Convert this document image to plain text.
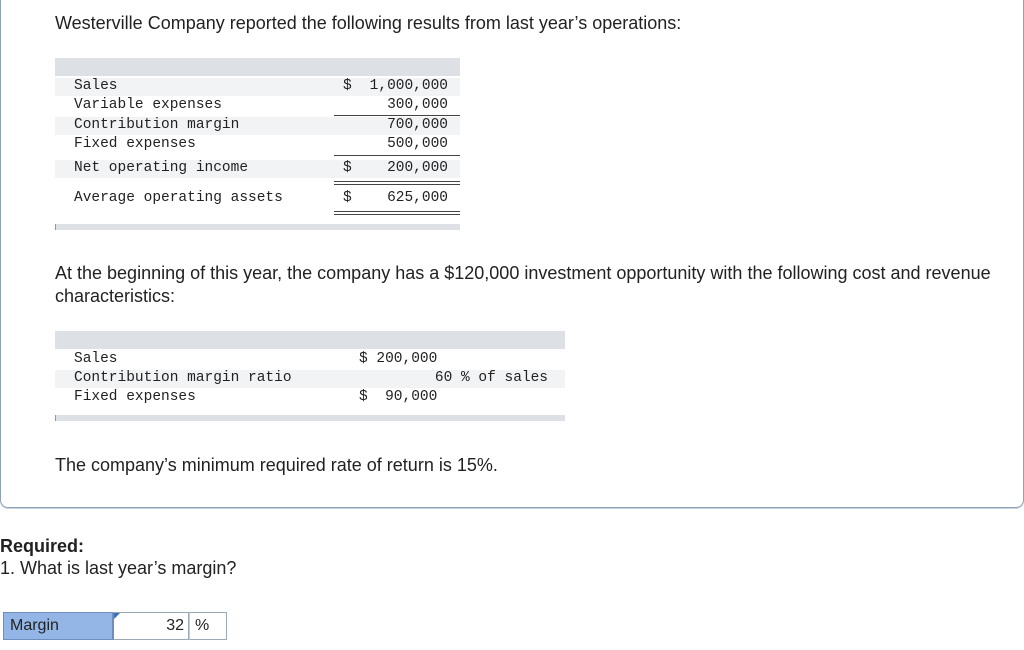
Westerville Company reported the following results from last year’s operations:
Sales	$ 1,000,000
Variable expenses	300,000
Contribution margin	700,000
Fixed expenses	500,000
Net operating income	$ 200,000
Average operating assets	$ 625,000
At the beginning of this year, the company has a $120,000 investment opportunity with the following cost and revenue characteristics:
Sales	$ 200,000
Contribution margin ratio	60 % of sales
Fixed expenses	$  90,000
The company’s minimum required rate of return is 15%.
Required:
1. What is last year’s margin?
Margin	32 %
